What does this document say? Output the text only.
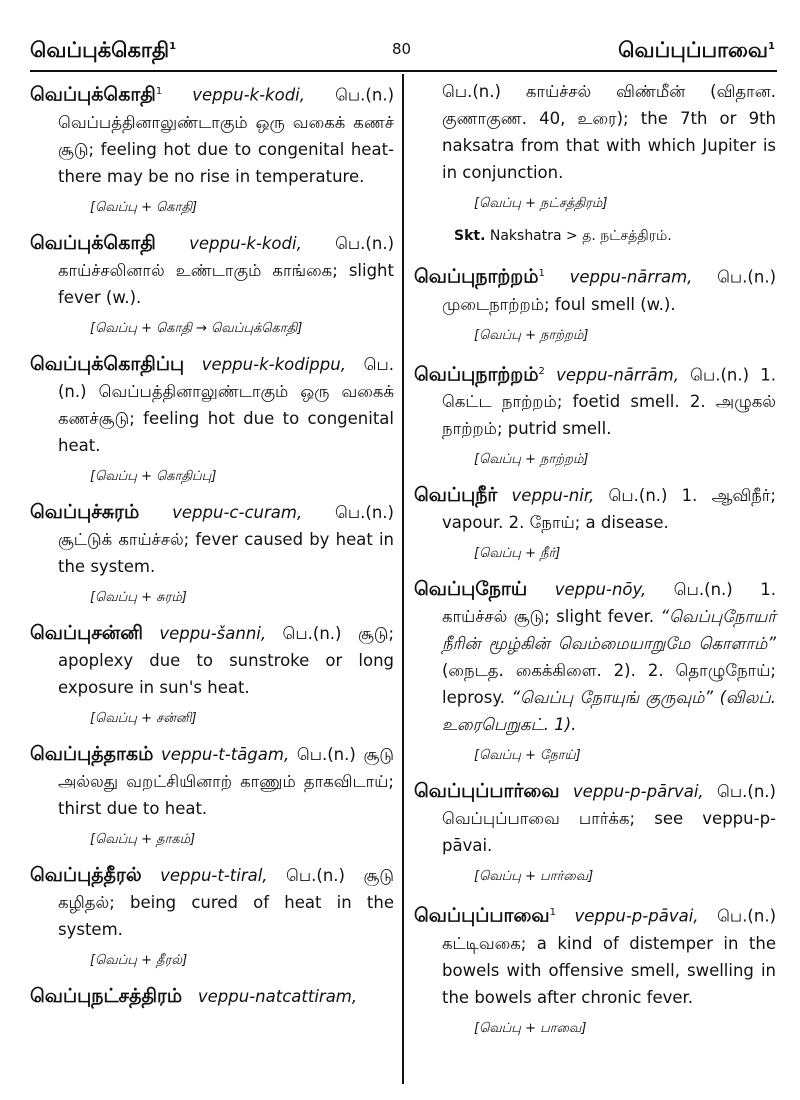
வெப்புக்கொதி$^1$	80	வெப்புப்பாவை$^1$

வெப்புக்கொதி$^1$ veppu-k-kodi, பெ.(n.) வெப்பத்தினாலுண்டாகும் ஒரு வகைக் கணச் சூடு; feeling hot due to congenital heat-there may be no rise in temperature.

[வெப்பு + கொதி]

வெப்புக்கொதி veppu-k-kodi, பெ.(n.) காய்ச்சலினால் உண்டாகும் காங்கை; slight fever (w.).

[வெப்பு + கொதி → வெப்புக்கொதி]

வெப்புக்கொதிப்பு veppu-k-kodippu, பெ.(n.) வெப்பத்தினாலுண்டாகும் ஒரு வகைக் கணச்சூடு; feeling hot due to congenital heat.

[வெப்பு + கொதிப்பு]

வெப்புச்சுரம் veppu-c-curam, பெ.(n.) சூட்டுக் காய்ச்சல்; fever caused by heat in the system.

[வெப்பு + சுரம்]

வெப்புசன்னி veppu-šanni, பெ.(n.) சூடு; apoplexy due to sunstroke or long exposure in sun's heat.

[வெப்பு + சன்னி]

வெப்புத்தாகம் veppu-t-tāgam, பெ.(n.) சூடு அல்லது வறட்சியினாற் காணும் தாகவிடாய்; thirst due to heat.

[வெப்பு + தாகம்]

வெப்புத்தீரல் veppu-t-tiral, பெ.(n.) சூடு கழிதல்; being cured of heat in the system.

[வெப்பு + தீரல்]

வெப்புநட்சத்திரம் veppu-natcattiram,

பெ.(n.) காய்ச்சல் விண்மீன் (விதான. குணாகுண. 40, உரை); the 7th or 9th naksatra from that with which Jupiter is in conjunction.

[வெப்பு + நட்சத்திரம்]
Skt. Nakshatra > த. நட்சத்திரம்.

வெப்புநாற்றம்$^1$ veppu-nārram, பெ.(n.) முடைநாற்றம்; foul smell (w.).

[வெப்பு + நாற்றம்]

வெப்புநாற்றம்$^2$ veppu-nārrām, பெ.(n.) 1. கெட்ட நாற்றம்; foetid smell. 2. அழுகல் நாற்றம்; putrid smell.

[வெப்பு + நாற்றம்]

வெப்புநீர் veppu-nir, பெ.(n.) 1. ஆவிநீர்; vapour. 2. நோய்; a disease.

[வெப்பு + நீர்]

வெப்புநோய் veppu-nōy, பெ.(n.) 1. காய்ச்சல் சூடு; slight fever. “வெப்புநோயர் நீரின் மூழ்கின் வெம்மையாறுமே கொளாம்” (நைடத. கைக்கிளை. 2). 2. தொழுநோய்; leprosy. “வெப்பு நோயுங் குருவும்” (விலப். உரைபெறுகட். 1).

[வெப்பு + நோய்]

வெப்புப்பார்வை veppu-p-pārvai, பெ.(n.) வெப்புப்பாவை பார்க்க; see veppu-p-pāvai.

[வெப்பு + பார்வை]

வெப்புப்பாவை$^1$ veppu-p-pāvai, பெ.(n.) கட்டிவகை; a kind of distemper in the bowels with offensive smell, swelling in the bowels after chronic fever.

[வெப்பு + பாவை]
